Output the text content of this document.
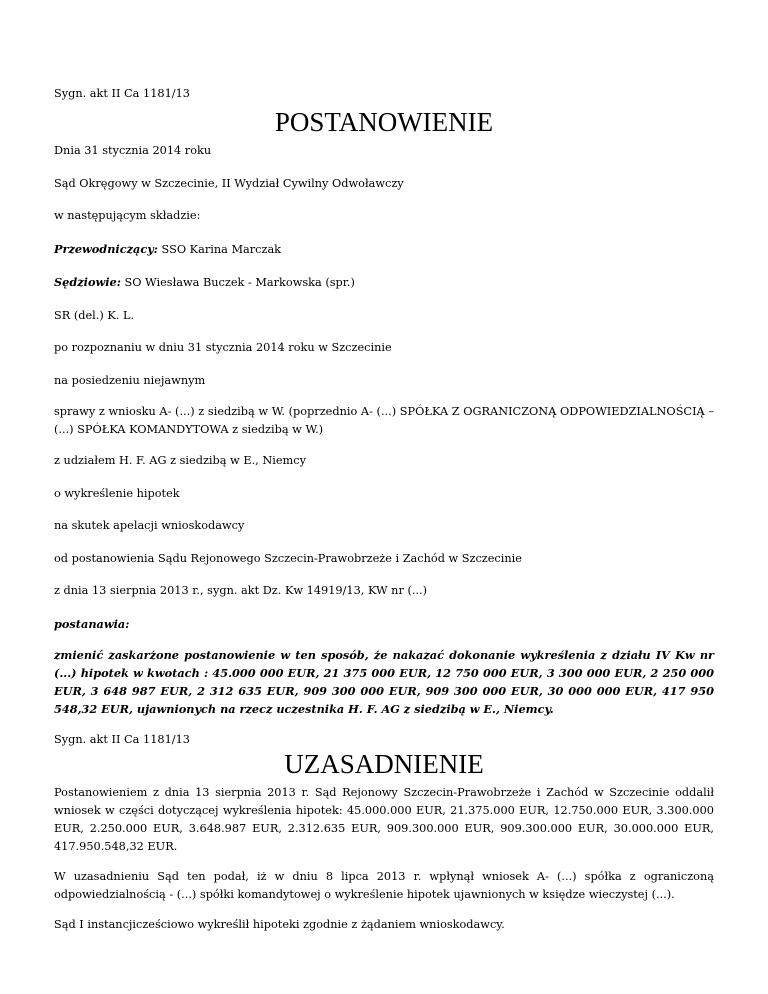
Sygn. akt II Ca 1181/13

POSTANOWIENIE

Dnia 31 stycznia 2014 roku

Sąd Okręgowy w Szczecinie, II Wydział Cywilny Odwoławczy

w następującym składzie:

Przewodniczący: SSO Karina Marczak

Sędziowie: SO Wiesława Buczek - Markowska (spr.)

SR (del.) K. L.

po rozpoznaniu w dniu 31 stycznia 2014 roku w Szczecinie

na posiedzeniu niejawnym

sprawy z wniosku A- (...) z siedzibą w W. (poprzednio A- (...) SPÓŁKA Z OGRANICZONĄ ODPOWIEDZIALNOŚCIĄ – (...) SPÓŁKA KOMANDYTOWA z siedzibą w W.)

z udziałem H. F. AG z siedzibą w E., Niemcy

o wykreślenie hipotek

na skutek apelacji wnioskodawcy

od postanowienia Sądu Rejonowego Szczecin-Prawobrzeże i Zachód w Szczecinie

z dnia 13 sierpnia 2013 r., sygn. akt Dz. Kw 14919/13, KW nr (...)

postanawia:

zmienić zaskarżone postanowienie w ten sposób, że nakazać dokonanie wykreślenia z działu IV Kw nr (...) hipotek w kwotach : 45.000 000 EUR, 21 375 000 EUR, 12 750 000 EUR, 3 300 000 EUR, 2 250 000 EUR, 3 648 987 EUR, 2 312 635 EUR, 909 300 000 EUR, 909 300 000 EUR, 30 000 000 EUR, 417 950 548,32 EUR, ujawnionych na rzecz uczestnika H. F. AG z siedzibą w E., Niemcy.

Sygn. akt II Ca 1181/13

UZASADNIENIE

Postanowieniem z dnia 13 sierpnia 2013 r. Sąd Rejonowy Szczecin-Prawobrzeże i Zachód w Szczecinie oddalił wniosek w części dotyczącej wykreślenia hipotek: 45.000.000 EUR, 21.375.000 EUR, 12.750.000 EUR, 3.300.000 EUR, 2.250.000 EUR, 3.648.987 EUR, 2.312.635 EUR, 909.300.000 EUR, 909.300.000 EUR, 30.000.000 EUR, 417.950.548,32 EUR.

W uzasadnieniu Sąd ten podał, iż w dniu 8 lipca 2013 r. wpłynął wniosek A- (...) spółka z ograniczoną odpowiedzialnością - (...) spółki komandytowej o wykreślenie hipotek ujawnionych w księdze wieczystej (...).

Sąd I instancjicześciowo wykreślił hipoteki zgodnie z żądaniem wnioskodawcy.
